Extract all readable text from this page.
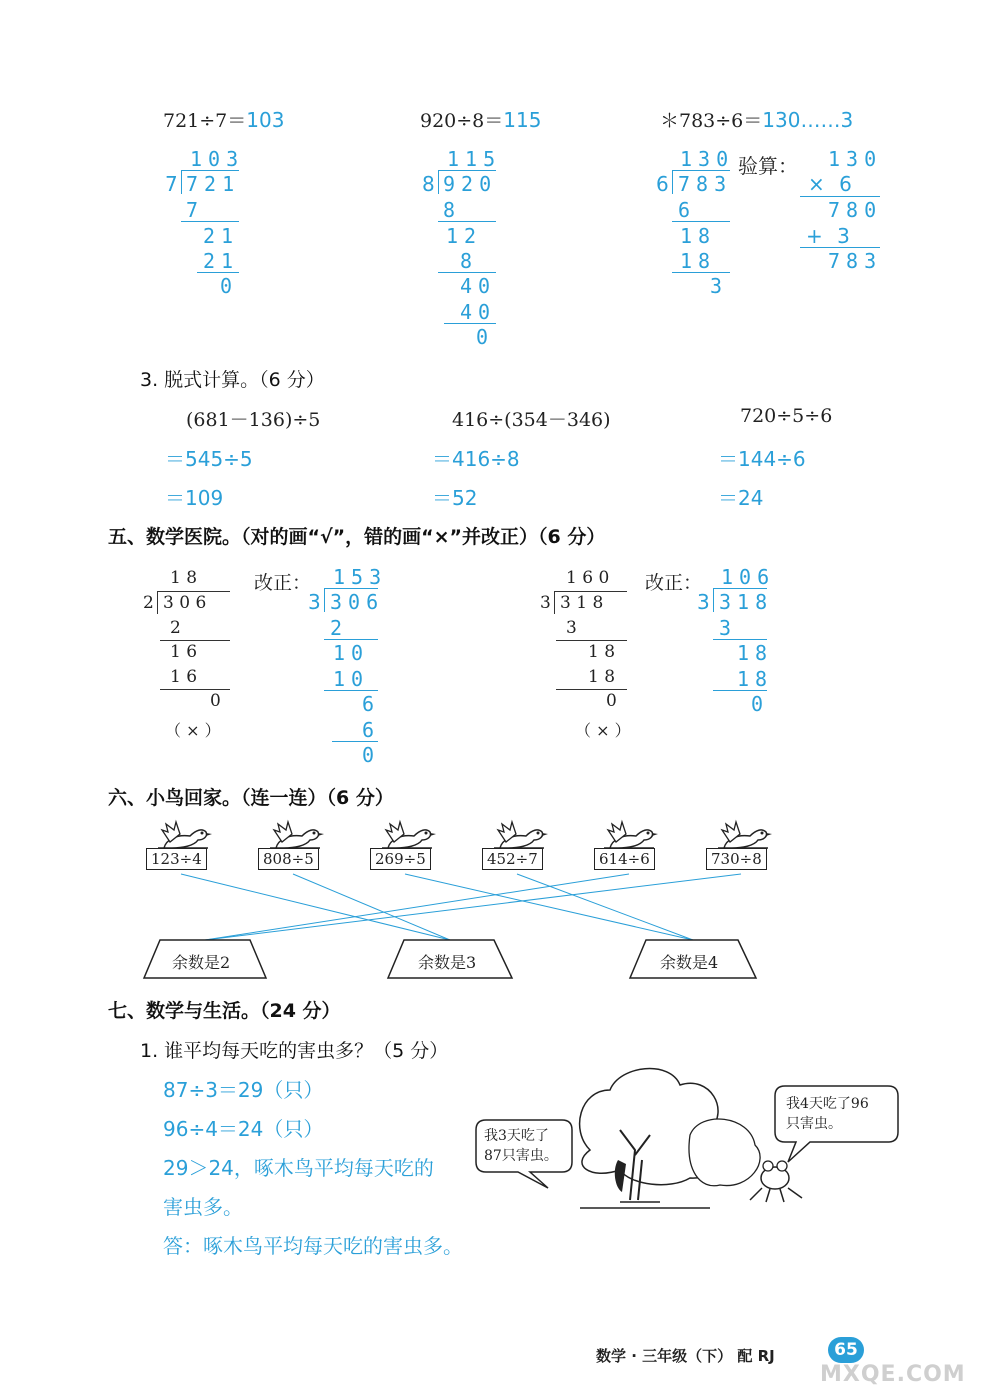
721÷7＝103
103
7 721
7
21
21
0
920÷8＝115
115
8 920
8
12
8
40
40
0
＊783÷6＝130……3
130
6 783
6
18
18
3
验算： 130
× 6
780
+ 3
783
3. 脱式计算。（6 分）
(681－136)÷5
＝545÷5
＝109
416÷(354－346)
＝416÷8
＝52
720÷5÷6
＝144÷6
＝24
五、数学医院。（对的画“√”，错的画“×”并改正）（6 分）
1 8
2 3 0 6
2
1 6
1 6
0
（ × ）
改正： 153
3 306
2
10
10
6
6
0
1 6 0
3 3 1 8
3
1 8
1 8
0
（ × ）
改正： 106
3 318
3
18
18
0
六、小鸟回家。（连一连）（6 分）
123÷4	808÷5	269÷5	452÷7	614÷6	730÷8
余数是2	余数是3	余数是4
七、数学与生活。（24 分）
1. 谁平均每天吃的害虫多？（5 分）
87÷3＝29（只）
96÷4＝24（只）
29＞24，啄木鸟平均每天吃的
害虫多。
答：啄木鸟平均每天吃的害虫多。
我3天吃了
87只害虫。
我4天吃了96
只害虫。
数学 · 三年级（下） 配 RJ	65
MXQE.COM
